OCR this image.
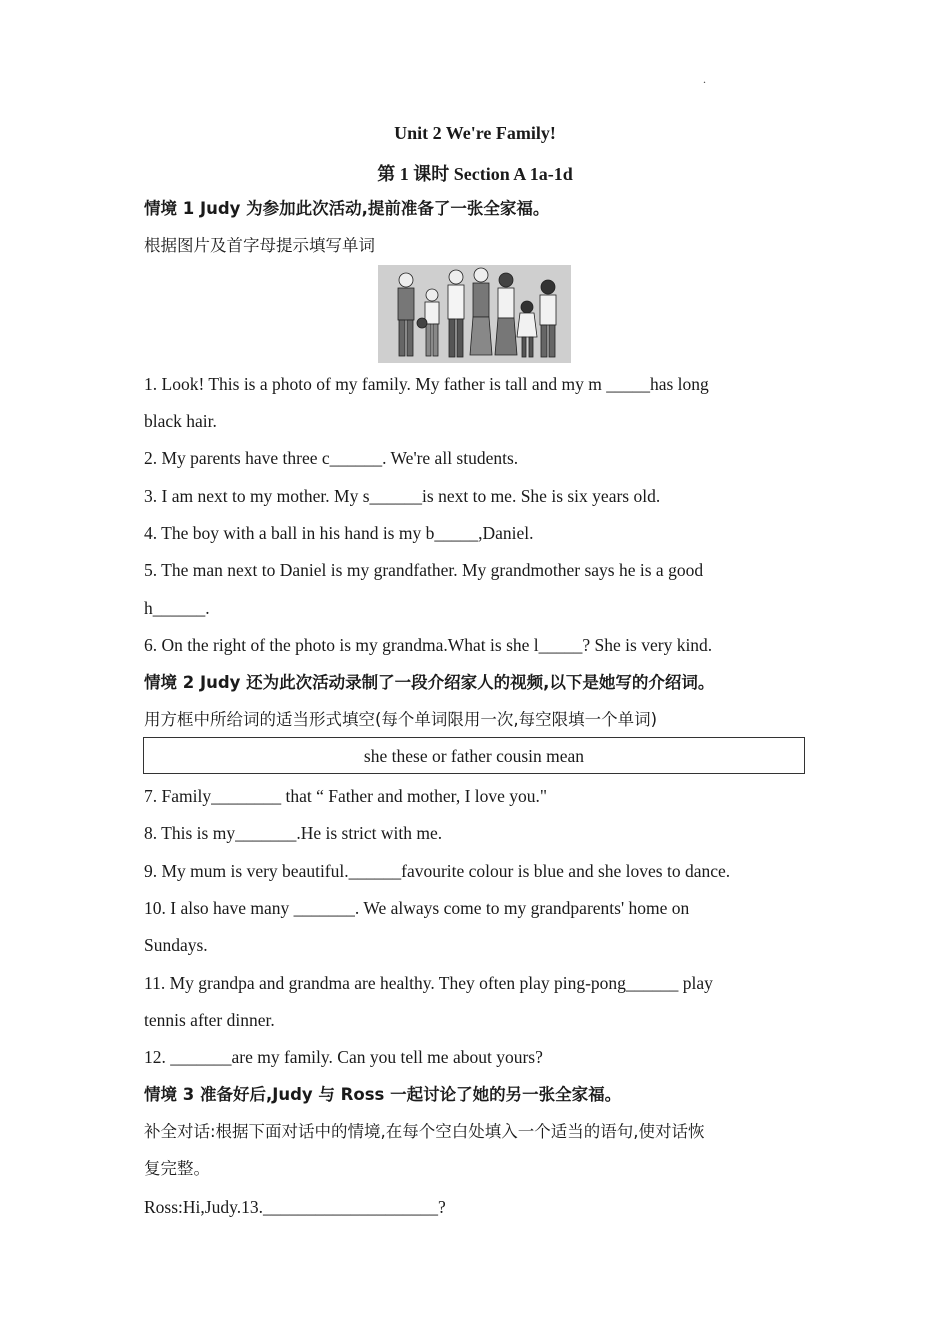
.
Unit 2 We're Family!
第 1 课时 Section A 1a-1d
情境 1 Judy 为参加此次活动,提前准备了一张全家福。
根据图片及首字母提示填写单词
1. Look! This is a photo of my family. My father is tall and my m _____has long
black hair.
2. My parents have three c______. We're all students.
3. I am next to my mother. My s______is next to me. She is six years old.
4. The boy with a ball in his hand is my b_____,Daniel.
5. The man next to Daniel is my grandfather. My grandmother says he is a good
h______.
6. On the right of the photo is my grandma.What is she l_____? She is very kind.
情境 2 Judy 还为此次活动录制了一段介绍家人的视频,以下是她写的介绍词。
用方框中所给词的适当形式填空(每个单词限用一次,每空限填一个单词)
she these or father cousin mean
7. Family________ that “ Father and mother, I love you."
8. This is my_______.He is strict with me.
9. My mum is very beautiful.______favourite colour is blue and she loves to dance.
10. I also have many _______. We always come to my grandparents' home on
Sundays.
11. My grandpa and grandma are healthy. They often play ping-pong______ play
tennis after dinner.
12. _______are my family. Can you tell me about yours?
情境 3 准备好后,Judy 与 Ross 一起讨论了她的另一张全家福。
补全对话:根据下面对话中的情境,在每个空白处填入一个适当的语句,使对话恢
复完整。
Ross:Hi,Judy.13.____________________?
